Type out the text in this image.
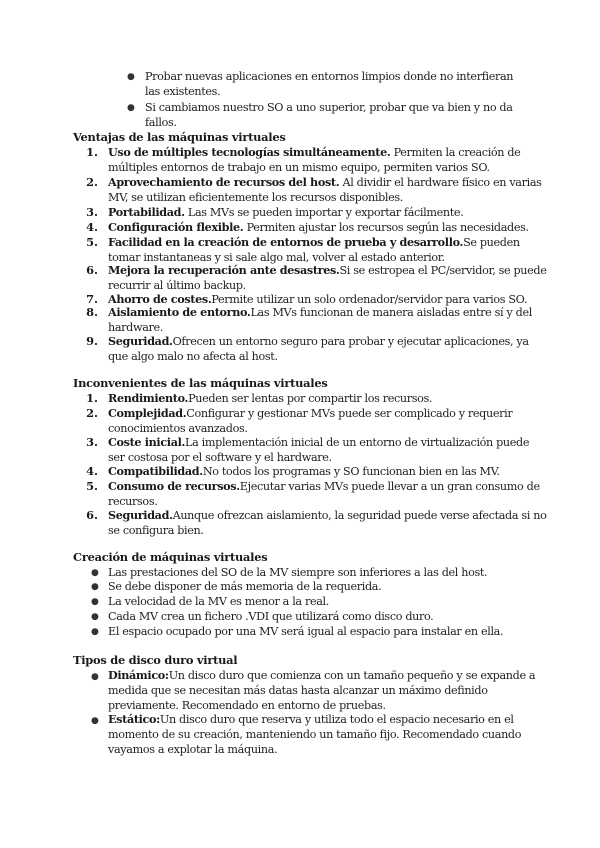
● Probar nuevas aplicaciones en entornos limpios donde no interfieran las existentes.
● Si cambiamos nuestro SO a uno superior, probar que va bien y no da fallos.
Ventajas de las máquinas virtuales
1. Uso de múltiples tecnologías simultáneamente. Permiten la creación de múltiples entornos de trabajo en un mismo equipo, permiten varios SO.
2. Aprovechamiento de recursos del host. Al dividir el hardware físico en varias MV, se utilizan eficientemente los recursos disponibles.
3. Portabilidad. Las MVs se pueden importar y exportar fácilmente.
4. Configuración flexible. Permiten ajustar los recursos según las necesidades.
5. Facilidad en la creación de entornos de prueba y desarrollo.Se pueden tomar instantaneas y si sale algo mal, volver al estado anterior.
6. Mejora la recuperación ante desastres.Si se estropea el PC/servidor, se puede recurrir al último backup.
7. Ahorro de costes.Permite utilizar un solo ordenador/servidor para varios SO.
8. Aislamiento de entorno.Las MVs funcionan de manera aisladas entre sí y del hardware.
9. Seguridad.Ofrecen un entorno seguro para probar y ejecutar aplicaciones, ya que algo malo no afecta al host.
Inconvenientes de las máquinas virtuales
1. Rendimiento.Pueden ser lentas por compartir los recursos.
2. Complejidad.Configurar y gestionar MVs puede ser complicado y requerir conocimientos avanzados.
3. Coste inicial.La implementación inicial de un entorno de virtualización puede ser costosa por el software y el hardware.
4. Compatibilidad.No todos los programas y SO funcionan bien en las MV.
5. Consumo de recursos.Ejecutar varias MVs puede llevar a un gran consumo de recursos.
6. Seguridad.Aunque ofrezcan aislamiento, la seguridad puede verse afectada si no se configura bien.
Creación de máquinas virtuales
● Las prestaciones del SO de la MV siempre son inferiores a las del host.
● Se debe disponer de más memoria de la requerida.
● La velocidad de la MV es menor a la real.
● Cada MV crea un fichero .VDI que utilizará como disco duro.
● El espacio ocupado por una MV será igual al espacio para instalar en ella.
Tipos de disco duro virtual
● Dinámico:Un disco duro que comienza con un tamaño pequeño y se expande a medida que se necesitan más datas hasta alcanzar un máximo definido previamente. Recomendado en entorno de pruebas.
● Estático:Un disco duro que reserva y utiliza todo el espacio necesario en el momento de su creación, manteniendo un tamaño fijo. Recomendado cuando vayamos a explotar la máquina.
